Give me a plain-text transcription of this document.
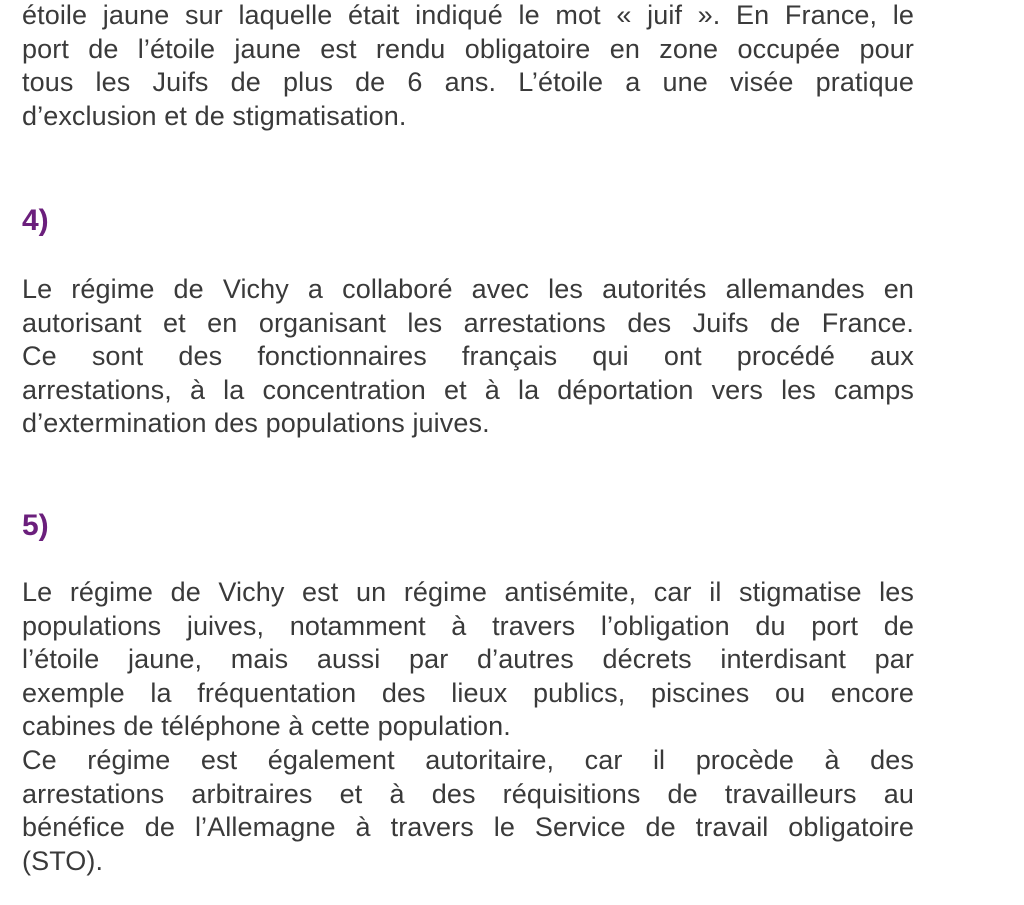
étoile jaune sur laquelle était indiqué le mot « juif ». En France, le
port de l’étoile jaune est rendu obligatoire en zone occupée pour
tous les Juifs de plus de 6 ans. L’étoile a une visée pratique
d’exclusion et de stigmatisation.

4)

Le régime de Vichy a collaboré avec les autorités allemandes en
autorisant et en organisant les arrestations des Juifs de France.
Ce sont des fonctionnaires français qui ont procédé aux
arrestations, à la concentration et à la déportation vers les camps
d’extermination des populations juives.

5)

Le régime de Vichy est un régime antisémite, car il stigmatise les
populations juives, notamment à travers l’obligation du port de
l’étoile jaune, mais aussi par d’autres décrets interdisant par
exemple la fréquentation des lieux publics, piscines ou encore
cabines de téléphone à cette population.
Ce régime est également autoritaire, car il procède à des
arrestations arbitraires et à des réquisitions de travailleurs au
bénéfice de l’Allemagne à travers le Service de travail obligatoire
(STO).
